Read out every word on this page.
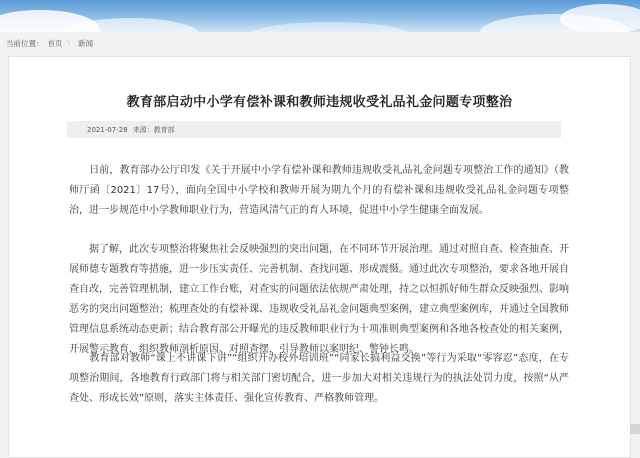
当前位置： 首页 〉 新闻
教育部启动中小学有偿补课和教师违规收受礼品礼金问题专项整治
2021-07-28 来源：教育部
　　日前，教育部办公厅印发《关于开展中小学有偿补课和教师违规收受礼品礼金问题专项整治工作的通知》（教师厅函〔2021〕17号），面向全国中小学校和教师开展为期九个月的有偿补课和违规收受礼品礼金问题专项整治，进一步规范中小学教师职业行为，营造风清气正的育人环境，促进中小学生健康全面发展。
　　据了解，此次专项整治将聚焦社会反映强烈的突出问题，在不同环节开展治理。通过对照自查、检查抽查、开展师德专题教育等措施，进一步压实责任、完善机制、查找问题、形成震慑。通过此次专项整治，要求各地开展自查自改，完善管理机制，建立工作台账，对查实的问题依法依规严肃处理，持之以恒抓好师生群众反映强烈、影响恶劣的突出问题整治；梳理查处的有偿补课、违规收受礼品礼金问题典型案例，建立典型案例库，并通过全国教师管理信息系统动态更新；结合教育部公开曝光的违反教师职业行为十项准则典型案例和各地各校查处的相关案例，开展警示教育，组织教师剖析原因、对照查摆，引导教师以案明纪、警钟长鸣。
　　教育部对教师“课上不讲课下讲”“组织开办校外培训班”“同家长搞利益交换”等行为采取“零容忍”态度，在专项整治期间，各地教育行政部门将与相关部门密切配合，进一步加大对相关违规行为的执法处罚力度，按照“从严查处、形成长效”原则，落实主体责任、强化宣传教育、严格教师管理。
